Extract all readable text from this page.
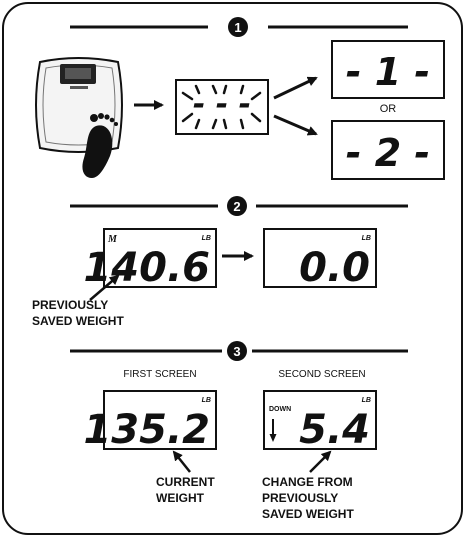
1
- - -
- 1 -
OR
- 2 -
2
M	LB
140.6
LB
0.0
3
FIRST SCREEN	SECOND SCREEN
LB
135.2
LB
DOWN 5.4
PREVIOUSLY
SAVED WEIGHT
CURRENT
WEIGHT
CHANGE FROM
PREVIOUSLY
SAVED WEIGHT
